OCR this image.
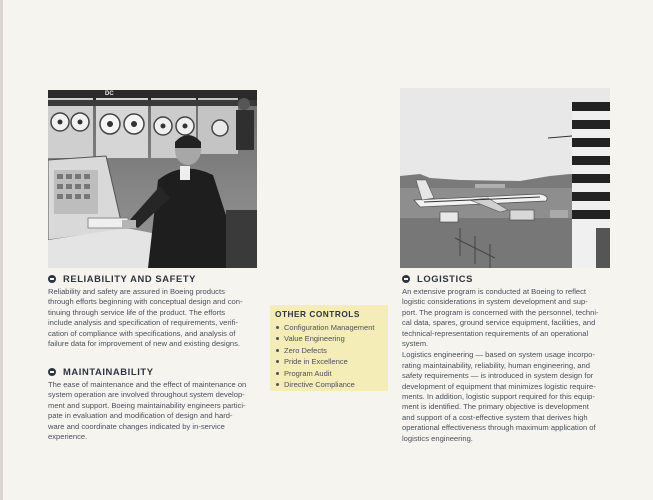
DC
RELIABILITY AND SAFETY

Reliability and safety are assured in Boeing products

through efforts beginning with conceptual design and con-

tinuing through service life of the product. The efforts

include analysis and specification of requirements, verifi-

cation of compliance with specifications, and analysis of

failure data for improvement of new and existing designs.

MAINTAINABILITY

The ease of maintenance and the effect of maintenance on

system operation are involved throughout system develop-

ment and support. Boeing maintainability engineers partici-

pate in evaluation and modification of design and hard-

ware and coordinate changes indicated by in-service

experience.

OTHER CONTROLS
Configuration Management
Value Engineering
Zero Defects
Pride in Excellence
Program Audit
Directive Compliance
LOGISTICS

An extensive program is conducted at Boeing to reflect

logistic considerations in system development and sup-

port. The program is concerned with the personnel, techni-

cal data, spares, ground service equipment, facilities, and

technical-representation requirements of an operational

system.

Logistics engineering — based on system usage incorpo-

rating maintainability, reliability, human engineering, and

safety requirements — is introduced in system design for

development of equipment that minimizes logistic require-

ments. In addition, logistic support required for this equip-

ment is identified. The primary objective is development

and support of a cost-effective system that derives high

operational effectiveness through maximum application of

logistics engineering.
